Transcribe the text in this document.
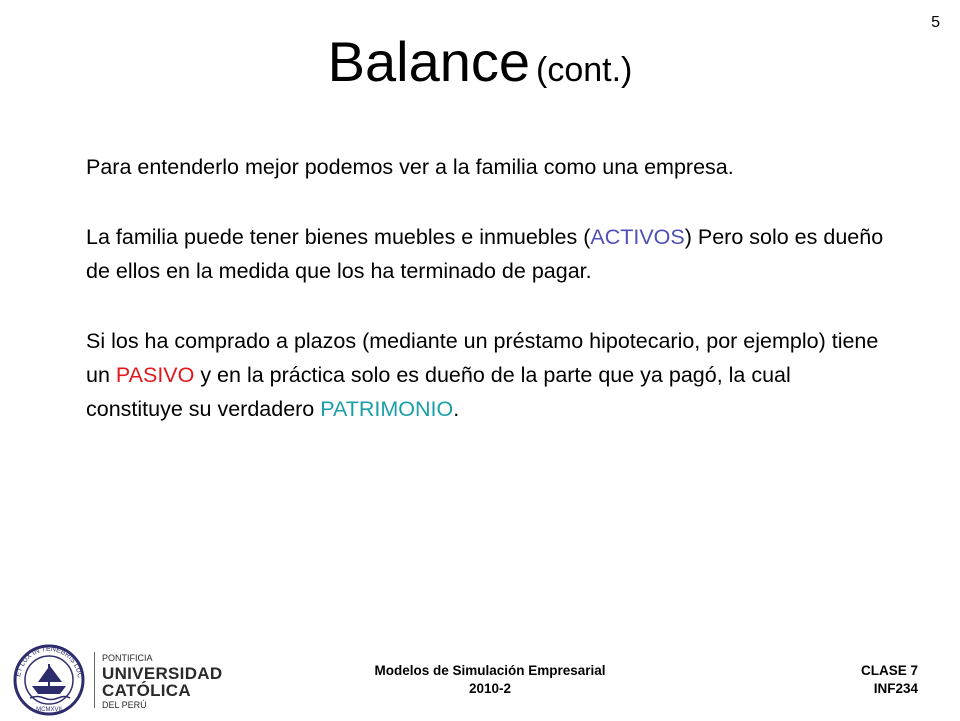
5
Balance (cont.)

Para entenderlo mejor podemos ver a la familia como una empresa.

La familia puede tener bienes muebles e inmuebles (ACTIVOS) Pero solo es dueño de ellos en la medida que los ha terminado de pagar.

Si los ha comprado a plazos (mediante un préstamo hipotecario, por ejemplo) tiene un PASIVO y en la práctica solo es dueño de la parte que ya pagó, la cual constituye su verdadero PATRIMONIO.

ET LUX IN TENEBRIS LUC
MCMXVII
PONTIFICIA
UNIVERSIDAD
CATÓLICA
DEL PERÚ
Modelos de Simulación Empresarial
2010-2
CLASE 7
INF234
